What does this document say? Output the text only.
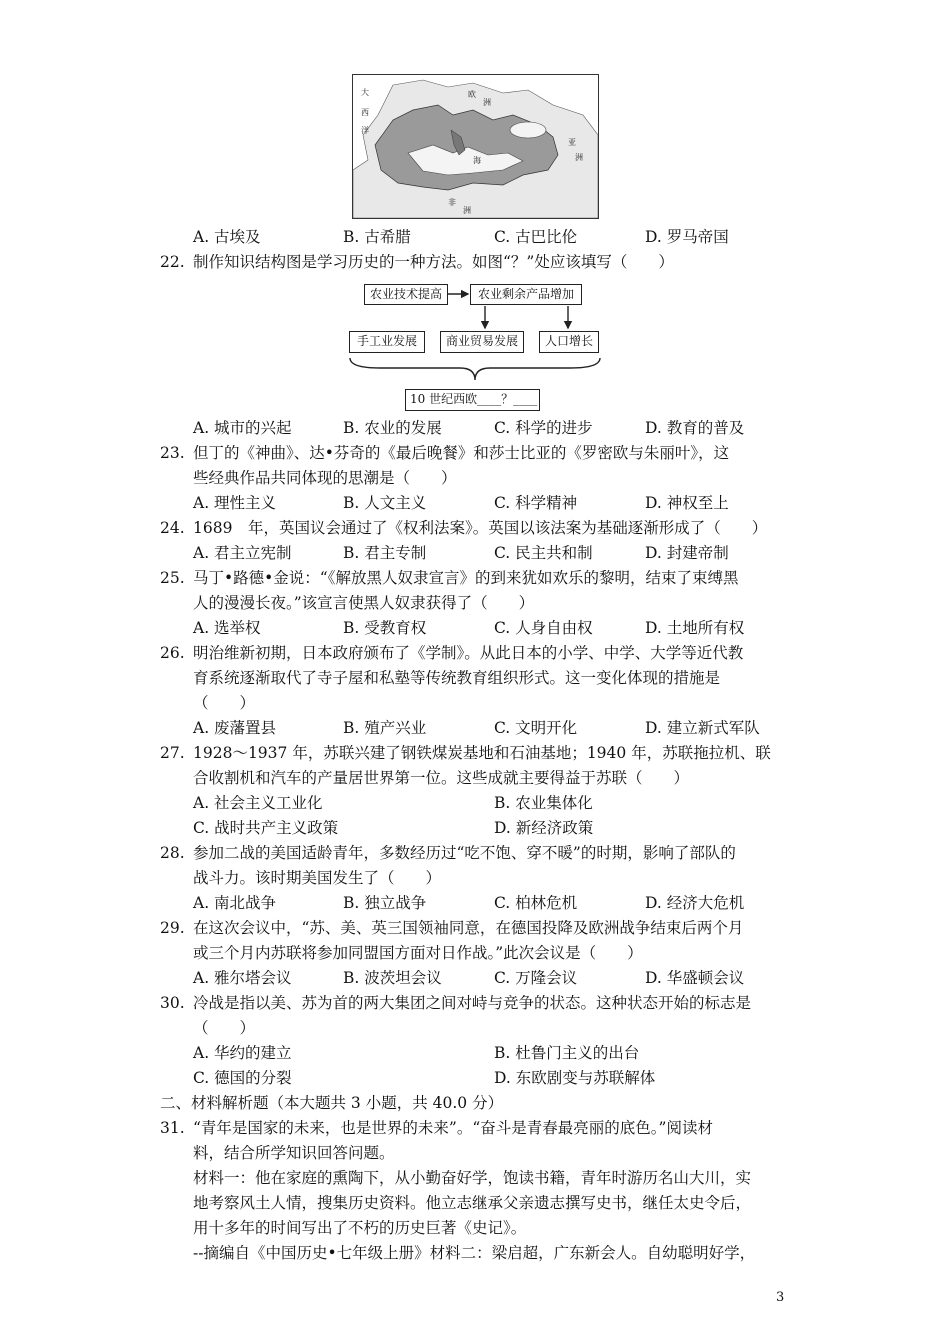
大
西
洋
欧
洲
海
亚
洲
非
洲
A. 古埃及	B. 古希腊	C. 古巴比伦	D. 罗马帝国
22. 制作知识结构图是学习历史的一种方法。如图“？”处应该填写（　　）
农业技术提高	农业剩余产品增加
手工业发展	商业贸易发展	人口增长
10 世纪西欧____？____
A. 城市的兴起	B. 农业的发展	C. 科学的进步	D. 教育的普及
23. 但丁的《神曲》、达•芬奇的《最后晚餐》和莎士比亚的《罗密欧与朱丽叶》，这
些经典作品共同体现的思潮是（　　）
A. 理性主义	B. 人文主义	C. 科学精神	D. 神权至上
24. 1689　年，英国议会通过了《权利法案》。英国以该法案为基础逐渐形成了（　　）
A. 君主立宪制	B. 君主专制	C. 民主共和制	D. 封建帝制
25. 马丁•路德•金说：“《解放黑人奴隶宣言》的到来犹如欢乐的黎明，结束了束缚黑
人的漫漫长夜。”该宣言使黑人奴隶获得了（　　）
A. 选举权	B. 受教育权	C. 人身自由权	D. 土地所有权
26. 明治维新初期，日本政府颁布了《学制》。从此日本的小学、中学、大学等近代教
育系统逐渐取代了寺子屋和私塾等传统教育组织形式。这一变化体现的措施是
（　　）
A. 废藩置县	B. 殖产兴业	C. 文明开化	D. 建立新式军队
27. 1928～1937 年，苏联兴建了钢铁煤炭基地和石油基地；1940 年，苏联拖拉机、联
合收割机和汽车的产量居世界第一位。这些成就主要得益于苏联（　　）
A. 社会主义工业化	B. 农业集体化
C. 战时共产主义政策	D. 新经济政策
28. 参加二战的美国适龄青年，多数经历过“吃不饱、穿不暖”的时期，影响了部队的
战斗力。该时期美国发生了（　　）
A. 南北战争	B. 独立战争	C. 柏林危机	D. 经济大危机
29. 在这次会议中，“苏、美、英三国领袖同意，在德国投降及欧洲战争结束后两个月
或三个月内苏联将参加同盟国方面对日作战。”此次会议是（　　）
A. 雅尔塔会议	B. 波茨坦会议	C. 万隆会议	D. 华盛顿会议
30. 冷战是指以美、苏为首的两大集团之间对峙与竞争的状态。这种状态开始的标志是
（　　）
A. 华约的建立	B. 杜鲁门主义的出台
C. 德国的分裂	D. 东欧剧变与苏联解体
二、材料解析题（本大题共 3 小题，共 40.0 分）
31. “青年是国家的未来，也是世界的未来”。“奋斗是青春最亮丽的底色。”阅读材
料，结合所学知识回答问题。
材料一：他在家庭的熏陶下，从小勤奋好学，饱读书籍，青年时游历名山大川，实
地考察风土人情，搜集历史资料。他立志继承父亲遗志撰写史书，继任太史令后，
用十多年的时间写出了不朽的历史巨著《史记》。
--摘编自《中国历史•七年级上册》材料二：梁启超，广东新会人。自幼聪明好学，
3
